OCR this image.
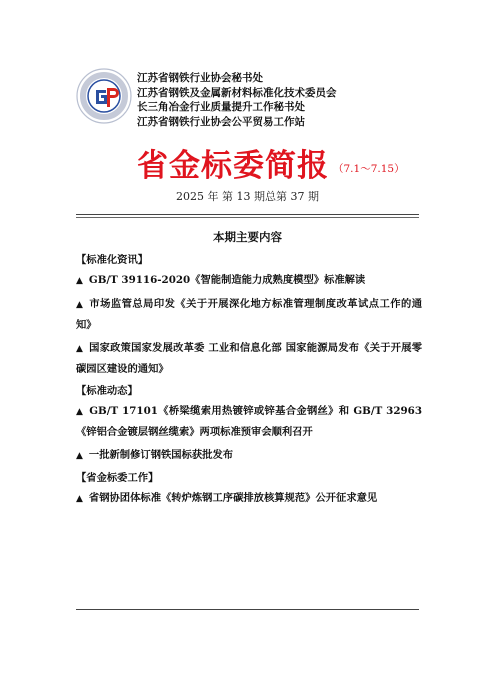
江苏省钢铁行业协会秘书处
江苏省钢铁及金属新材料标准化技术委员会
长三角冶金行业质量提升工作秘书处
江苏省钢铁行业协会公平贸易工作站
省金标委简报 $^{(7.1\sim 7.15)}$
2025 年 第 13 期总第 37 期
本期主要内容
【标准化资讯】
▲ GB/T 39116-2020《智能制造能力成熟度模型》标准解读
▲ 市场监管总局印发《关于开展深化地方标准管理制度改革试点工作的通知》
▲ 国家政策国家发展改革委 工业和信息化部 国家能源局发布《关于开展零碳园区建设的通知》
【标准动态】
▲ GB/T 17101《桥梁缆索用热镀锌或锌基合金钢丝》和 GB/T 32963《锌铝合金镀层钢丝缆索》两项标准预审会顺利召开
▲ 一批新制修订钢铁国标获批发布
【省金标委工作】
▲ 省钢协团体标准《转炉炼钢工序碳排放核算规范》公开征求意见
